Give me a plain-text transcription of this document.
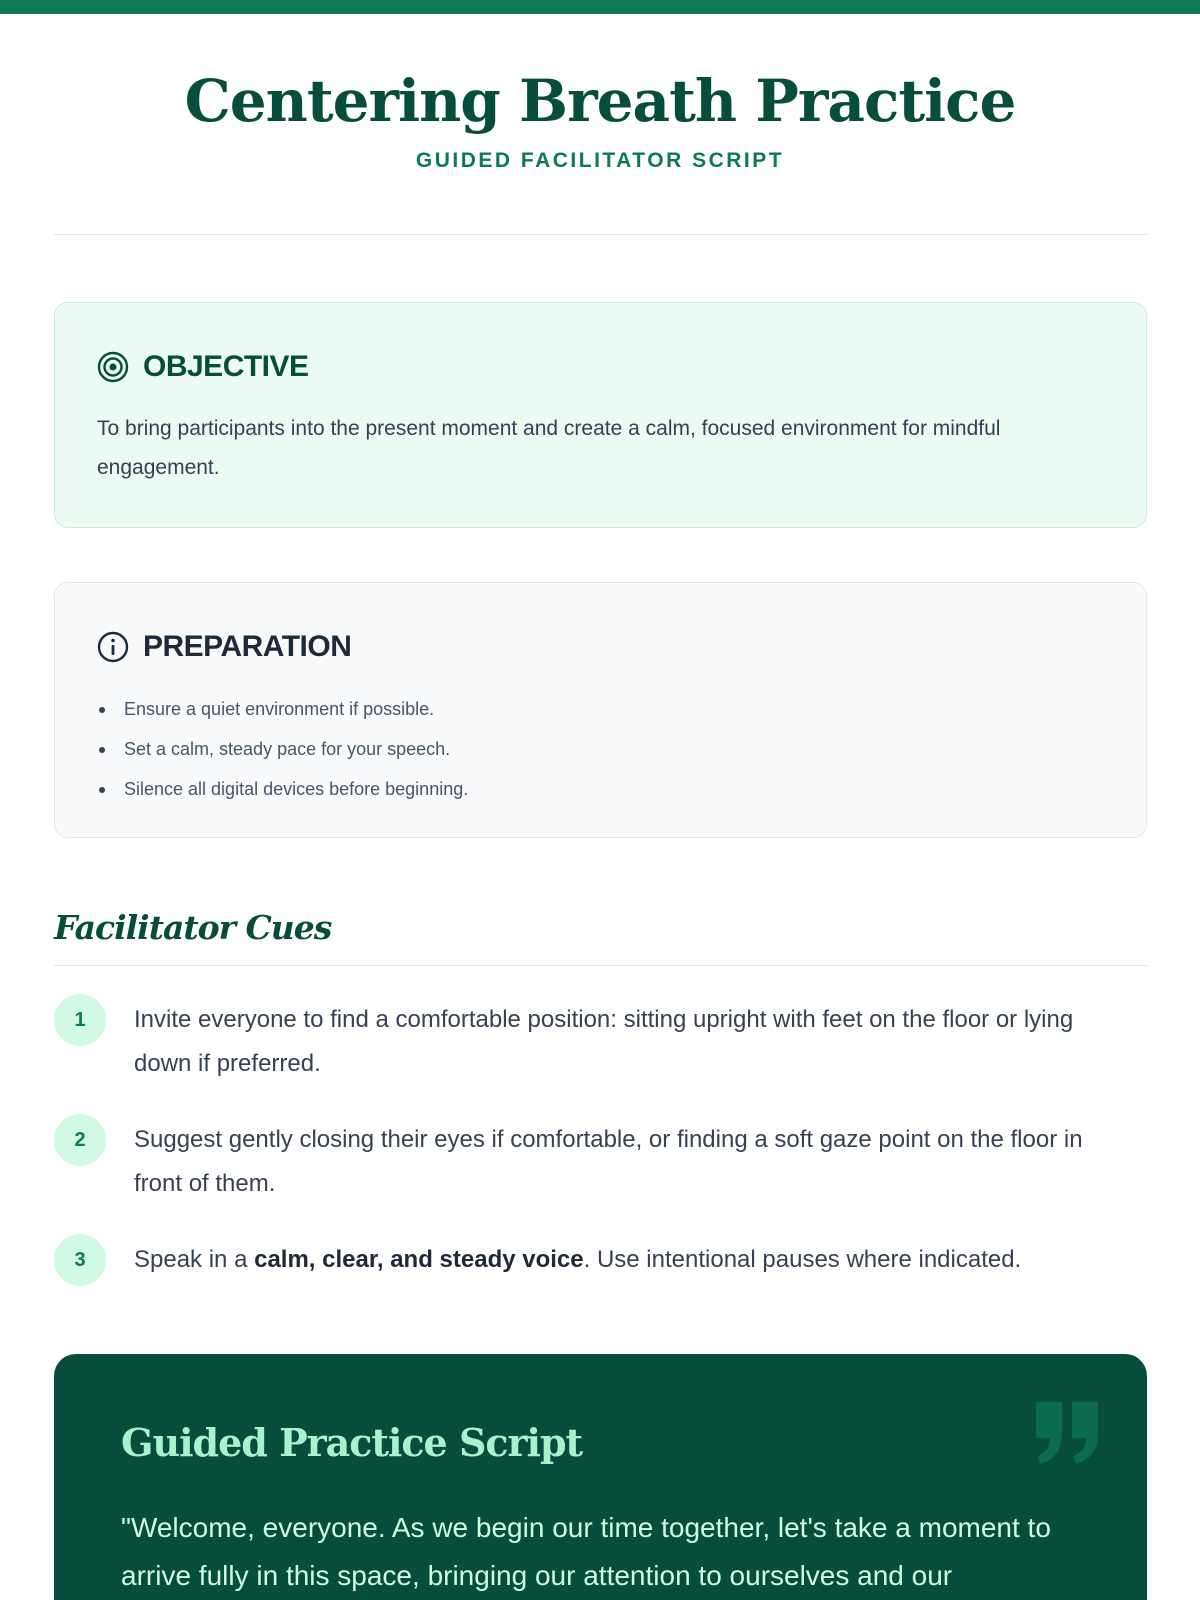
Centering Breath Practice
GUIDED FACILITATOR SCRIPT
OBJECTIVE

To bring participants into the present moment and create a calm, focused environment for mindful engagement.

PREPARATION
Ensure a quiet environment if possible.
Set a calm, steady pace for your speech.
Silence all digital devices before beginning.
Facilitator Cues
1	Invite everyone to find a comfortable position: sitting upright with feet on the floor or lying down if preferred.

2	Suggest gently closing their eyes if comfortable, or finding a soft gaze point on the floor in front of them.

3	Speak in a calm, clear, and steady voice. Use intentional pauses where indicated.

Guided Practice Script

"Welcome, everyone. As we begin our time together, let's take a moment to arrive fully in this space, bringing our attention to ourselves and our
